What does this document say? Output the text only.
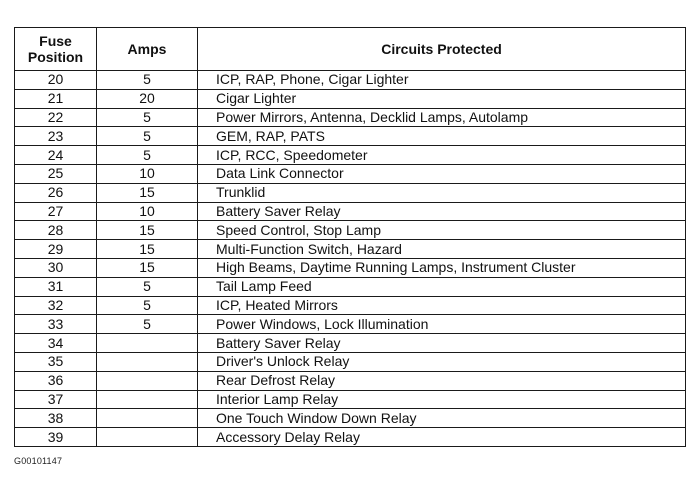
Fuse
Position	Amps	Circuits Protected
20	5	ICP, RAP, Phone, Cigar Lighter
21	20	Cigar Lighter
22	5	Power Mirrors, Antenna, Decklid Lamps, Autolamp
23	5	GEM, RAP, PATS
24	5	ICP, RCC, Speedometer
25	10	Data Link Connector
26	15	Trunklid
27	10	Battery Saver Relay
28	15	Speed Control, Stop Lamp
29	15	Multi-Function Switch, Hazard
30	15	High Beams, Daytime Running Lamps, Instrument Cluster
31	5	Tail Lamp Feed
32	5	ICP, Heated Mirrors
33	5	Power Windows, Lock Illumination
34		Battery Saver Relay
35		Driver's Unlock Relay
36		Rear Defrost Relay
37		Interior Lamp Relay
38		One Touch Window Down Relay
39		Accessory Delay Relay
G00101147
